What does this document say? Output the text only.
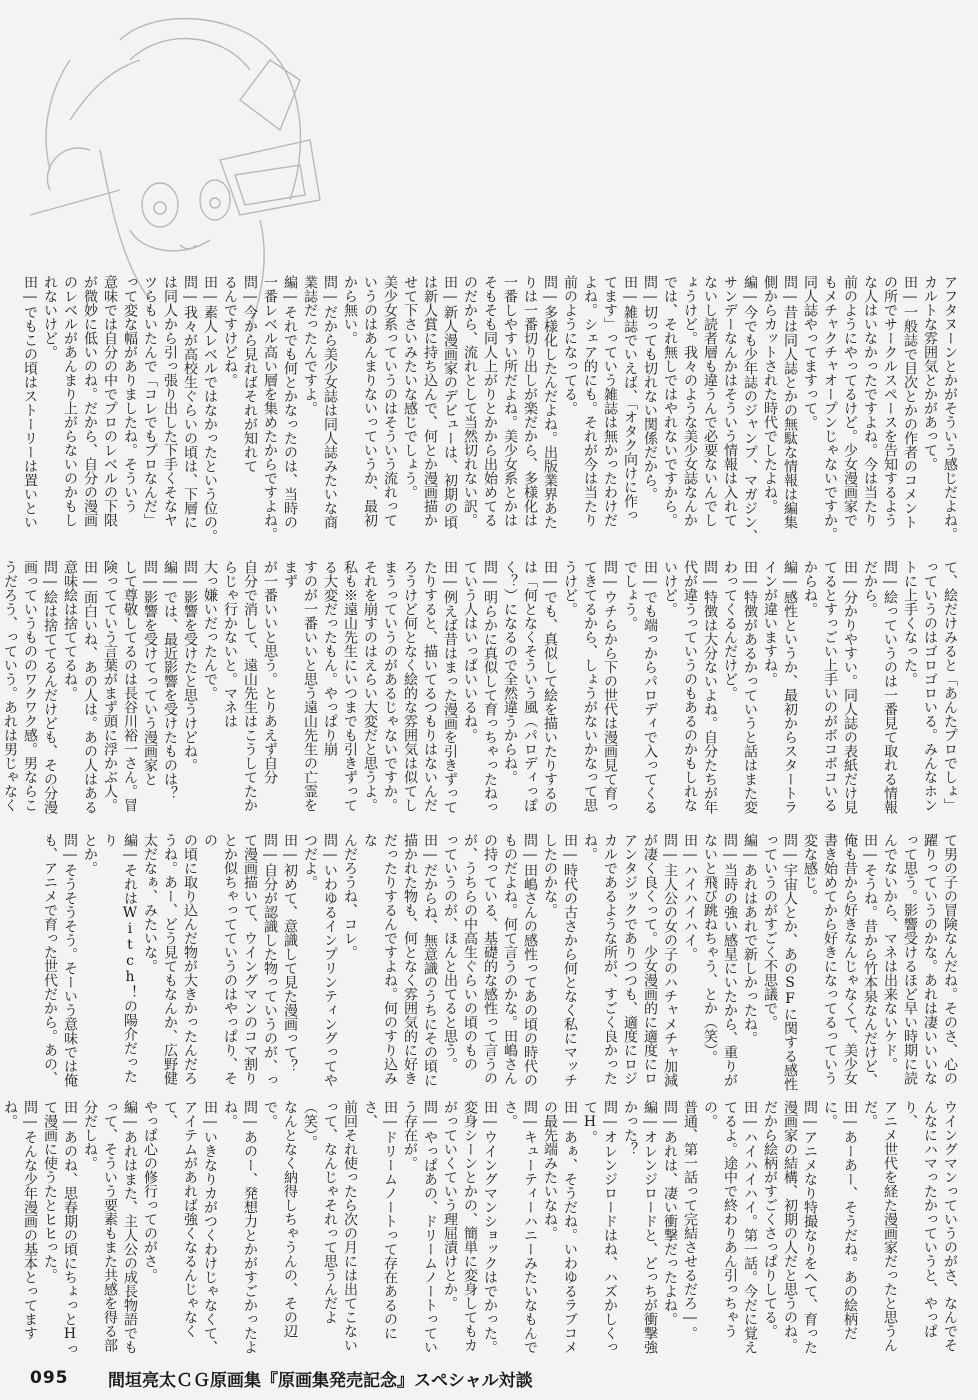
アフタヌーンとかがそういう感じだよね。
カルトな雰囲気とかがあって。
田―一般誌で目次とかの作者のコメント
の所でサークルスペースを告知するよう
な人はいなかったですよね。今は当たり
前のようにやってるけど。少女漫画家で
もメチャクチャオープンじゃないですか。
同人誌やってますって。
問―昔は同人誌とかの無駄な情報は編集
側からカットされた時代でしたよね。
編―今でも少年誌のジャンプ、マガジン、
サンデーなんかはそういう情報は入れて
ないし読者層も違うんで必要ないんでし
ょうけど。我々のような美少女誌なんか
では、それ無しではやれないですから。
問―切っても切れない関係だから。
田―雑誌でいえば、「オタク向けに作っ
てます」っていう雑誌は無かったわけだ
よね。シェア的にも。それが今は当たり
前のようになってる。
問―多様化したんだよね。出版業界あた
りは一番切り出しが楽だから、多様化は
一番しやすい所だよね。美少女系とかは
そもそも同人上がりとかから出始めてる
のだから、流れとして当然切れない訳。
田―新人漫画家のデビューは、初期の頃
は新人賞に持ち込んで、何とか漫画描か
せて下さいみたいな感じでしょう。
美少女系っていうのはそういう流れって
いうのはあんまりないっていうか、最初
から無い。
問―だから美少女誌は同人誌みたいな商
業誌だったんですよ。
編―それでも何とかなったのは、当時の
一番レベル高い層を集めたからですよね。
問―今から見ればそれが知れて
るんですけどね。
田―素人レベルではなかったという位の。
問―我々が高校生ぐらいの頃は、下層に
は同人から引っ張り出した下手くそなヤ
ツらもいたんで「コレでもプロなんだ」
って変な幅がありましたね。そういう
意味では自分の中でプロのレベルの下限
が微妙に低いのね。だから、自分の漫画
のレベルがあんまり上がらないのかもし
れないけど。
田―でもこの頃はストーリーは置いとい
て、絵だけみると「あんたプロでしょ」
っていうのはゴロゴロいる。みんなホン
トに上手くなった。
問―絵っていうのは一番見て取れる情報
だから。
田―分かりやすい。同人誌の表紙だけ見
てるとすっごい上手いのがボコボコいる
からね。
編―感性というか、最初からスタートラ
インが違いますね。
田―特徴があるかっていうと話はまた変
わってくるんだけど。
問―特徴は大分ないよね。自分たちが年
代が違うっていうのもあるのかもしれな
いけど。
田―でも端っからパロディで入ってくる
でしょう。
問―ウチらから下の世代は漫画見て育っ
てきてるから、しょうがないかなって思
うけど。
田―でも、真似して絵を描いたりするの
は「何となくそういう風（パロディっぽ
く？）になるので全然違うからね。
問―明らかに真似して育っちゃったねっ
ていう人はいっぱいいるね。
田―例えば昔はまった漫画を引きずって
たりすると、描いてるつもりはないんだ
ろうけど何となく絵的な雰囲気は似てし
まうっていうのがあるじゃないですか。
それを崩すのはえらい大変だと思うよ。
私も※遠山先生にいつまでも引きずって
る大変だったもん。やっぱり崩
すのが一番いいと思う遠山先生の亡霊をまず
が一番いいと思う。とりあえず自分
自分で消して、遠山先生はこうしてたか
らじゃ行かないと。マネは
大っ嫌いだったんで。
問―影響を受けたと思うけどね。
編―では、最近影響を受けたものは？
問―影響を受けてっていう漫画家と
して尊敬してるのは長谷川裕一さん。冒
険ってていう言葉がまず頭に浮かぶ人。
田―面白いね、あの人は。あの人はある
意味絵は捨ててるね。
問―絵は捨ててるんだけども、その分漫
画っていうもののワクワク感。男ならこ
うだろう、っていう。あれは男じゃなく
て男の子の冒険なんだね。そのさ、心の
躍りっていうのかな。あれは凄いいいな
って思う。影響受けるほど早い時期に読
んでないから、マネは出来ないケド。
田―そうね。昔から竹本泉なんだけど、
俺も昔から好きなんじゃなくて、美少女
書き始めてから好きになってるっていう
変な感じ。
問―宇宙人とか、あのSFに関する感性
っていうのがすごく不思議で。
編―あれはあれで新しかったね。
問―当時の強い感星にいたから、重りが
ないと飛び跳ねちゃう、とか（笑）。
田―ハイハイハイ。
問―主人公の女の子のハチャメチャ加減
が凄く良くって。少女漫画的に適度にロ
アンタジックでありつつも、適度にロジ
カルであるような所が、すごく良かったね。
田―時代の古さから何となく私にマッチ
したのかな。
問―田嶋さんの感性ってあの頃の時代の
ものだよね。何て言うのかな。田嶋さん
の持っている、基礎的な感性って言うの
が、うちらの中高生ぐらいの頃のもの
っていうのが、ほんと出てると思う。
田―だからね、無意識のうちにその頃に
描かれた物も、何となく雰囲気的に好き
だったりするんですよね。何のすり込みな
んだろうね、コレ。
問―いわゆるインプリンティングってや
つだよ。
田―初めて、意識して見た漫画って？
問―自分が認識した物っていうのが、っ
て漫画描いて、ウイングマンのコマ割り
とか似ちゃってていうのはやっぱり、その
の頃に取り込んだ物が大きかったんだろ
うね。あー、どう見てもなんか、広野健
太だなぁ、みたいな。
編―それはWitch！の陽介だったり
とか。
問―そうそうそう。そーいう意味では俺
も、アニメで育った世代だから。あの、
ウイングマンっていうのがさ、なんでそ
んなにハマったかっていうと、やっぱり、
アニメ世代を経た漫画家だったと思うん
だ。
田―あーあー、そうだね。あの絵柄だに。
問―アニメなり特撮なりをへて、育った
漫画家の結構、初期の人だと思うのね。
だから絵柄がすごくさっぱりしてる。
田―ハイハイハイ。第一話。今だに覚え
てるよ。途中で終わりあん引っちゃうの。
普通、第一話って完結させるだろ―。
問―あれは、凄い衝撃だったよね。
編―オレンジロードと、どっちが衝撃強
かった？
問―オレンジロードはね、ハズかしくっ
てH。
田―あぁ、そうだね。いわゆるラブコメ
の最先端みたいなね。
問―キューティーハニーみたいなもんで
さ。
田―ウイングマンショックはでかった。
変身シーンとかの、簡単に変身してもカ
がっていくていう理屈漬けとか。
問―やっぱあの、ドリームノートってい
う存在が。
田―ドリームノートって存在あるのにさ、
前回それ使ったら次の月には出てこない
って、なんじゃそれって思うんだよ（笑）。
なんとなく納得しちゃうんの、その辺で。
問―あのー、発想力とかがすごかったよね。
田―いきなりカがつくわけじゃなくて、
アイテムがあれば強くなるんじゃなくて、
やっぱ心の修行ってのがさ。
編―あれはまた、主人公の成長物語でも
って、そういう要素もまた共感を得る部
分だしね。
田―あのね、思春期の頃にちょっとHっ
て漫画に使うたとヒヒった。
問―そんな少年漫画の基本とってますね。

095 間垣亮太ＣＧ原画集『原画集発売記念』スペシャル対談
